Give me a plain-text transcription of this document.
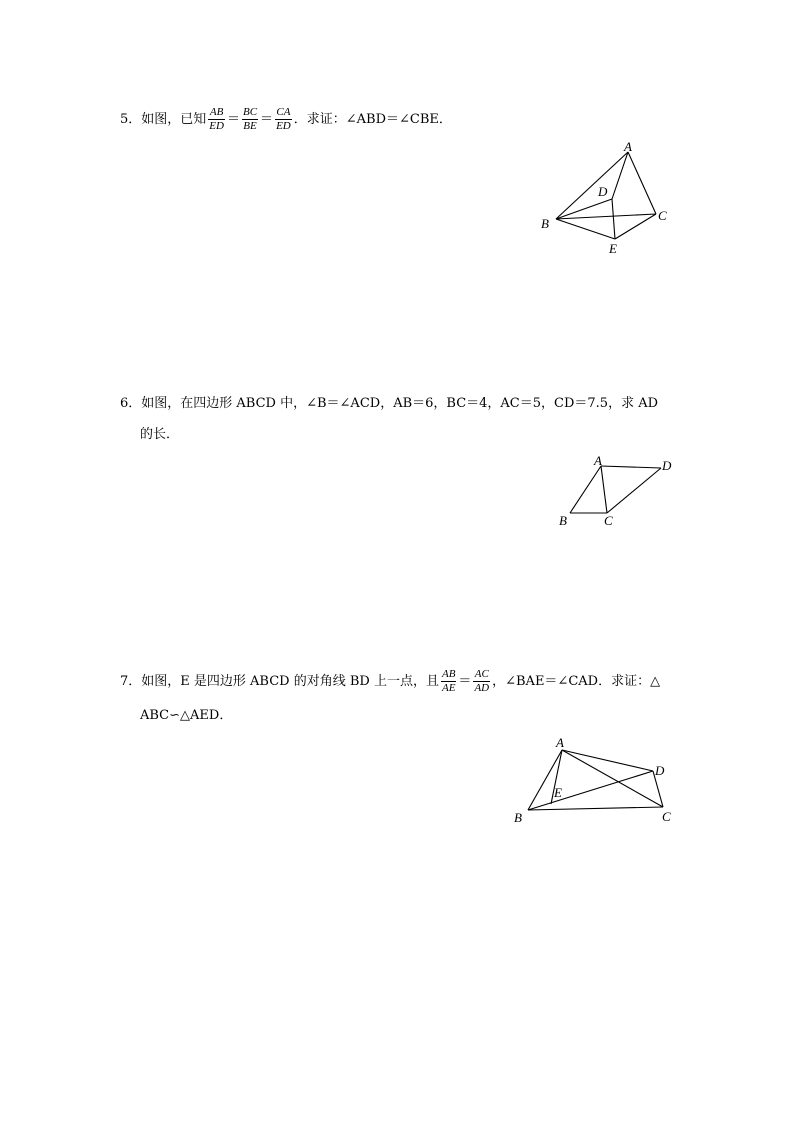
5．如图，已知 $\frac{AB}{ED} = \frac{BC}{BE} = \frac{CA}{ED}$ ．求证：∠ABD＝∠CBE．
A
D
B
C
E
6．如图，在四边形 ABCD 中，∠B＝∠ACD，AB＝6，BC＝4，AC＝5，CD＝7.5，求 AD
的长．
A	D
B	C
7．如图，E 是四边形 ABCD 的对角线 BD 上一点，且 $\frac{AB}{AE} = \frac{AC}{AD}$ ，∠BAE＝∠CAD．求证：△
ABC∽△AED．
A
D
E
B	C
